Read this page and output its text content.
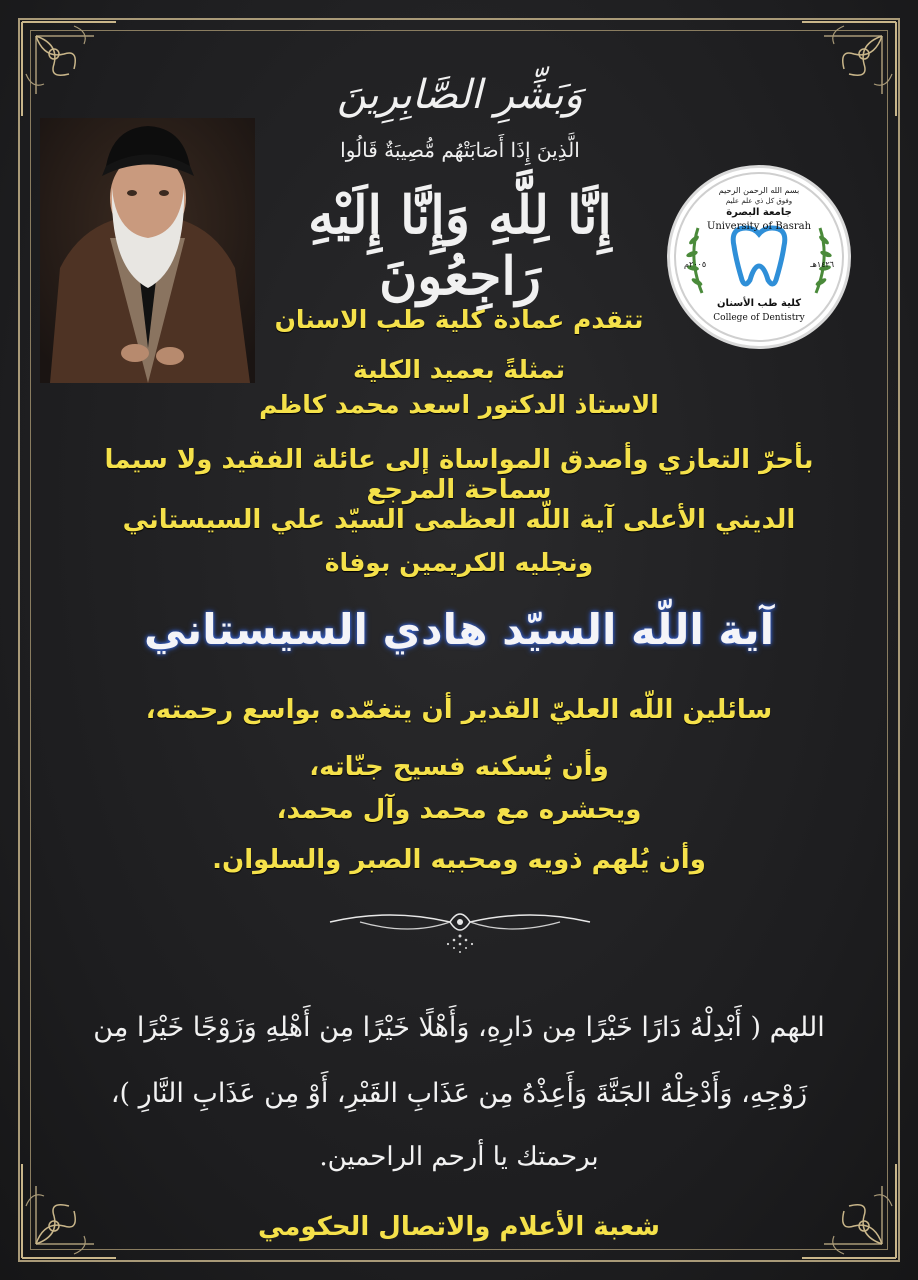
بسم الله الرحمن الرحيم
وفوق كل ذي علم عليم
جامعة البصرة
University of Basrah
٢٠٠٥م	١٤٢٦هـ
كلية طب الأسنان
College of Dentistry
وَبَشِّرِ الصَّابِرِينَ
الَّذِينَ إِذَا أَصَابَتْهُم مُّصِيبَةٌ قَالُوا
إِنَّا لِلَّهِ وَإِنَّا إِلَيْهِ رَاجِعُونَ
تتقدم عمادة كلية طب الاسنان
تمثلةً بعميد الكلية
الاستاذ الدكتور اسعد محمد كاظم
بأحرّ التعازي وأصدق المواساة إلى عائلة الفقيد ولا سيما سماحة المرجع
الديني الأعلى آية اللّه العظمى السيّد علي السيستاني
ونجليه الكريمين بوفاة
آية اللّه السيّد هادي السيستاني
سائلين اللّه العليّ القدير أن يتغمّده بواسع رحمته،
وأن يُسكنه فسيح جنّاته،
ويحشره مع محمد وآل محمد،
وأن يُلهم ذويه ومحبيه الصبر والسلوان.
اللهم ( أَبْدِلْهُ دَارًا خَيْرًا مِن دَارِهِ، وَأَهْلًا خَيْرًا مِن أَهْلِهِ وَزَوْجًا خَيْرًا مِن
زَوْجِهِ، وَأَدْخِلْهُ الجَنَّةَ وَأَعِذْهُ مِن عَذَابِ القَبْرِ، أَوْ مِن عَذَابِ النَّارِ )،
برحمتك يا أرحم الراحمين.
شعبة الأعلام والاتصال الحكومي
